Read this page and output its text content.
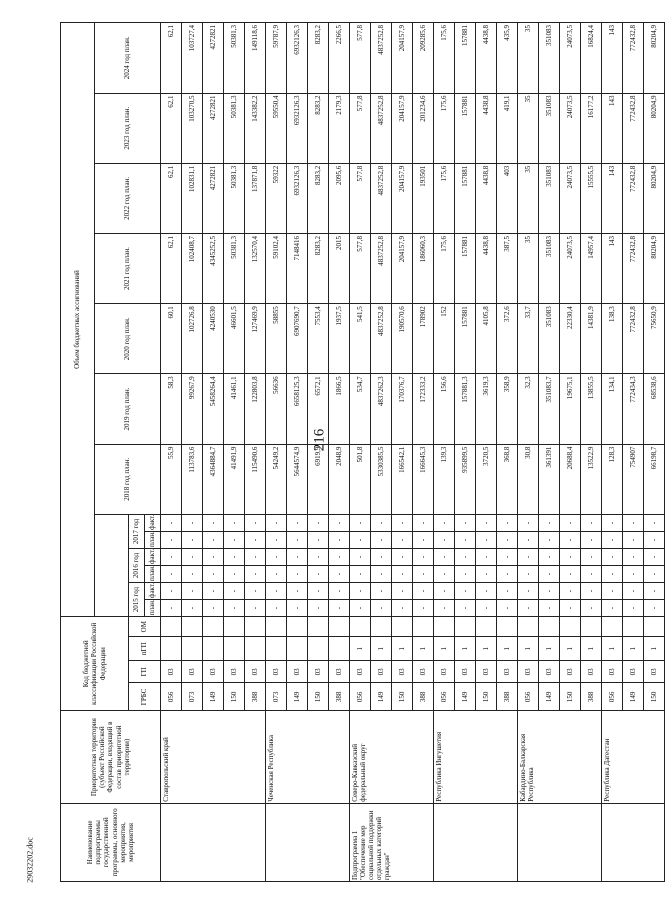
216
29032202.doc	Наименование подпрограммы государственной программы, основного мероприятия, мероприятия	Приоритетная территория (субъект Российской Федерации, входящий в состав приоритетной территории)	Код бюджетной классификации Российской Федерации				Объем бюджетных ассигнований												
												2018 год план.	2019 год план.	2020 год план.	2021 год план.	2022 год план.	2023 год план.	2024 год план.
		ГРБС	ГП	пГП	ОМ	2015 год		2016 год		2017 год								
						план.	факт.	план.	факт.	план.	факт.							
	Ставропольский край	056	03			-	-	-	-	-	-	55,9	58,3	60,1	62,1	62,1	62,1	62,1
		073	03			-	-	-	-	-	-	113783,6	99267,9	102726,8	102408,7	102831,1	103270,5	103727,4
		149	03			-	-	-	-	-	-	4364884,7	5458264,4	4240530	4345252,5	4272821	4272821	4272821
		150	03			-	-	-	-	-	-	41491,9	41461,1	46601,5	50381,3	50381,3	50381,3	50381,3
		388	03			-	-	-	-	-	-	115490,6	122803,8	127469,9	132570,4	137871,8	143382,2	149118,6
	Чеченская Республика	073	03			-	-	-	-	-	-	54249,2	56636	58855	59102,4	59322	59550,4	59787,9
		149	03			-	-	-	-	-	-	5644574,9	6658125,3	6907690,7	7148416	6932126,3	6932126,3	6932126,3
		150	03			-	-	-	-	-	-	6919,9	6572,1	7553,4	8283,2	8283,2	8283,2	8283,2
		388	03			-	-	-	-	-	-	2048,9	1866,5	1937,5	2015	2095,6	2179,3	2266,5
Подпрограмма 1 "Обеспечение мер социальной поддержки отдельных категорий граждан"	Северо-Кавказский федеральный округ	056	03	1		-	-	-	-	-	-	501,8	534,7	541,5	577,8	577,8	577,8	577,8
		149	03	1		-	-	-	-	-	-	5330385,5	4837262,3	4837252,8	4837252,8	4837252,8	4837252,8	4837252,8
		150	03	1		-	-	-	-	-	-	166542,1	170376,7	190570,6	204157,9	204157,9	204157,9	204157,9
		388	03	1		-	-	-	-	-	-	166645,3	172333,2	178902	186060,3	193501	201234,6	209285,6
	Республика Ингушетия	056	03	1		-	-	-	-	-	-	139,3	156,6	152	175,6	175,6	175,6	175,6
		149	03	1		-	-	-	-	-	-	935899,5	157881,3	157881	157881	157881	157881	157881
		150	03	1		-	-	-	-	-	-	3720,5	3619,3	4105,8	4438,8	4438,8	4438,8	4438,8
		388	03	1		-	-	-	-	-	-	368,8	358,9	372,6	387,5	403	419,1	435,9
	Кабардино-Балкарская Республика	056	03	1		-	-	-	-	-	-	30,8	32,3	33,7	35	35	35	35
		149	03	1		-	-	-	-	-	-	361391	351083,7	351083	351083	351083	351083	351083
		150	03	1		-	-	-	-	-	-	20688,4	19675,1	22330,4	24073,5	24073,5	24073,5	24073,5
		388	03	1		-	-	-	-	-	-	13522,9	13855,5	14381,9	14957,4	15555,5	16177,2	16824,4
	Республика Дагестан	056	03	1		-	-	-	-	-	-	128,3	134,1	138,3	143	143	143	143
		149	03	1		-	-	-	-	-	-	754907	772434,3	772432,8	772432,8	772432,8	772432,8	772432,8
		150	03	1		-	-	-	-	-	-	66198,7	68538,6	75650,9	80204,9	80204,9	80204,9	80204,9
